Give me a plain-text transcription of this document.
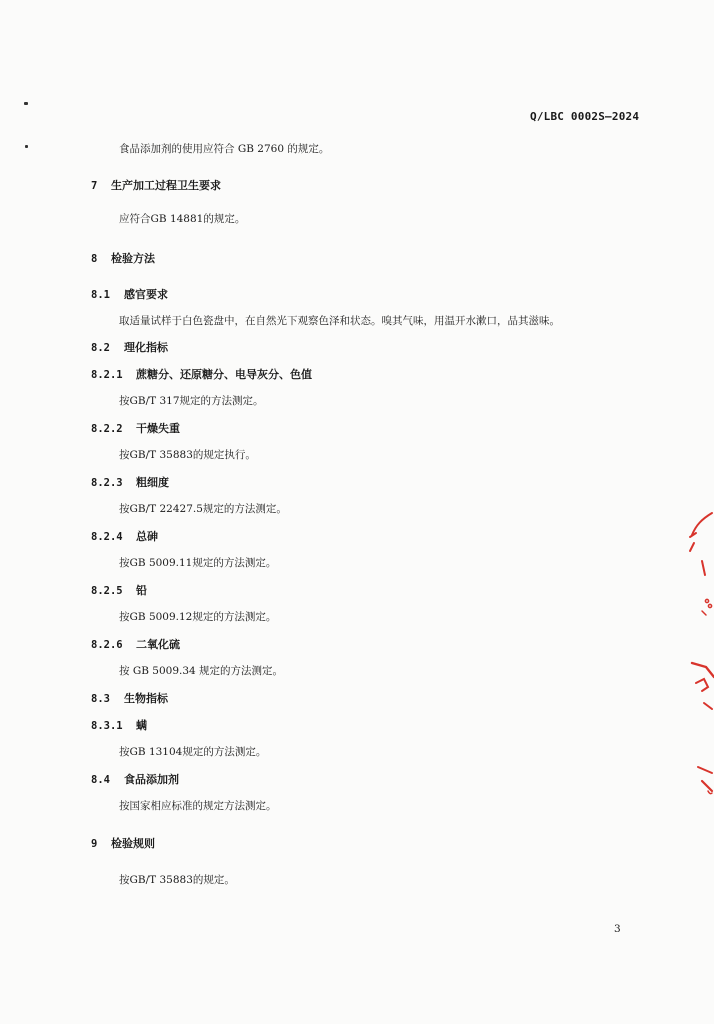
Q/LBC 0002S—2024
食品添加剂的使用应符合 GB 2760 的规定。
7 生产加工过程卫生要求
应符合GB 14881的规定。
8 检验方法
8.1 感官要求
取适量试样于白色瓷盘中，在自然光下观察色泽和状态。嗅其气味，用温开水漱口，品其滋味。
8.2 理化指标
8.2.1 蔗糖分、还原糖分、电导灰分、色值
按GB/T 317规定的方法测定。
8.2.2 干燥失重
按GB/T 35883的规定执行。
8.2.3 粗细度
按GB/T 22427.5规定的方法测定。
8.2.4 总砷
按GB 5009.11规定的方法测定。
8.2.5 铅
按GB 5009.12规定的方法测定。
8.2.6 二氧化硫
按 GB 5009.34 规定的方法测定。
8.3 生物指标
8.3.1 螨
按GB 13104规定的方法测定。
8.4 食品添加剂
按国家相应标准的规定方法测定。
9 检验规则
按GB/T 35883的规定。
3
